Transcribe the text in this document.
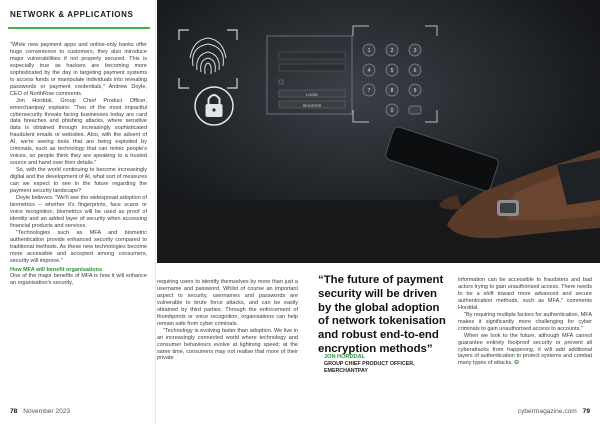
NETWORK & APPLICATIONS

"While new payment apps and online-only banks offer huge convenience to customers, they also introduce major vulnerabilities if not properly secured. This is especially true as hackers are becoming more sophisticated by the day in targeting payment systems to access funds or manipulate individuals into revealing passwords or payment credentials," Andrew Doyle, CEO of NorthRow comments.

Jon Horddal, Group Chief Product Officer, emerchantpay explains: "Two of the most impactful cybersecurity threats facing businesses today are card data breaches and phishing attacks, where sensitive data is obtained through increasingly sophisticated fraudulent emails or websites. Also, with the advent of AI, we're seeing tools that are being exploited by criminals, such as technology that can mimic people's voices, so people think they are speaking to a trusted source and hand over their details."

So, with the world continuing to become increasingly digital and the development of AI, what sort of measures can we expect to see in the future regarding the payment security landscape?

Doyle believes: "We'll see the widespread adoption of biometrics – whether it's fingerprints, face scans or voice recognition, biometrics will be used as proof of identity and an added layer of security when accessing financial products and services.

"Technologies such as MFA and biometric authentication provide enhanced security compared to traditional methods. As these new technologies become more accessible and accepted among consumers, security will improve."

How MFA will benefit organisations

One of the major benefits of MFA is how it will enhance an organisation's security,

LOGIN
REGISTER
1	2	3
4	5	6
7	8	9
0

requiring users to identify themselves by more than just a username and password. Whilst of course an important aspect to security, usernames and passwords are vulnerable to brute force attacks, and can be easily obtained by third parties. Through the enforcement of thumbprints or voice recognition, organisations can help remain safe from cyber criminals.

"Technology is evolving faster than adoption. We live in an increasingly connected world where technology and consumer behaviours evolve at lightning speed; at the same time, consumers may not realise that more of their private

“The future of payment security will be driven by the global adoption of network tokenisation and robust end-to-end encryption methods”
JON HORDDAL
GROUP CHIEF PRODUCT OFFICER,
EMERCHANTPAY

information can be accessible to fraudsters and bad actors trying to gain unauthorised access. There needs to be a shift toward more advanced and secure authentication methods, such as MFA," comments Horddal.

"By requiring multiple factors for authentication, MFA makes it significantly more challenging for cyber criminals to gain unauthorised access to accounts."

When we look to the future, although MFA cannot guarantee entirely foolproof security or prevent all cyberattacks from happening, it will add additional layers of authentication to protect systems and combat many types of attacks. ✪

78 November 2023	cybermagazine.com 79
